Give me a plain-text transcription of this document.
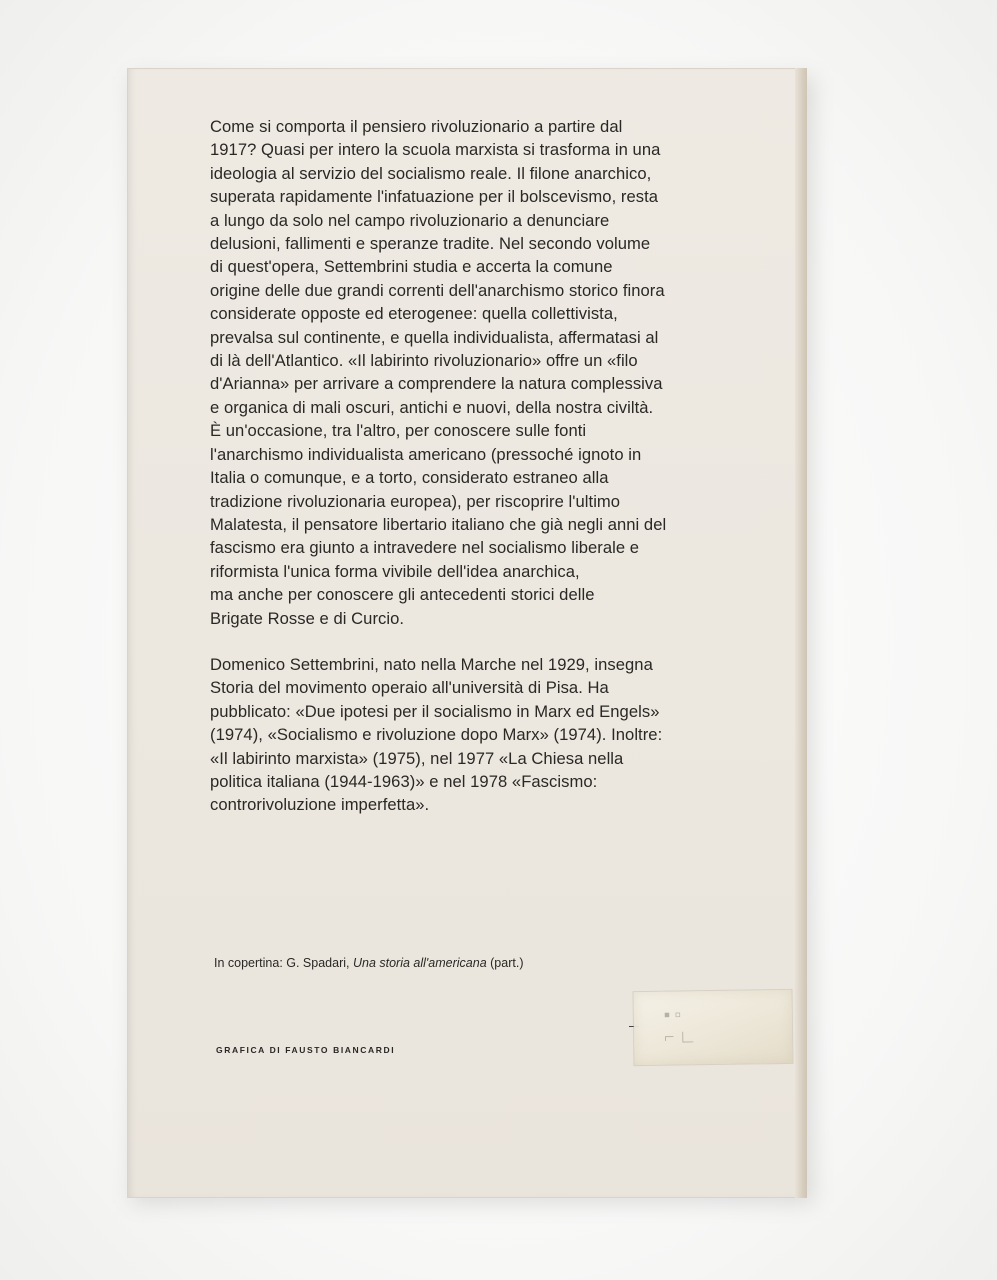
Come si comporta il pensiero rivoluzionario a partire dal
1917? Quasi per intero la scuola marxista si trasforma in una
ideologia al servizio del socialismo reale. Il filone anarchico,
superata rapidamente l'infatuazione per il bolscevismo, resta
a lungo da solo nel campo rivoluzionario a denunciare
delusioni, fallimenti e speranze tradite. Nel secondo volume
di quest'opera, Settembrini studia e accerta la comune
origine delle due grandi correnti dell'anarchismo storico finora
considerate opposte ed eterogenee: quella collettivista,
prevalsa sul continente, e quella individualista, affermatasi al
di là dell'Atlantico. «Il labirinto rivoluzionario» offre un «filo
d'Arianna» per arrivare a comprendere la natura complessiva
e organica di mali oscuri, antichi e nuovi, della nostra civiltà.
È un'occasione, tra l'altro, per conoscere sulle fonti
l'anarchismo individualista americano (pressoché ignoto in
Italia o comunque, e a torto, considerato estraneo alla
tradizione rivoluzionaria europea), per riscoprire l'ultimo
Malatesta, il pensatore libertario italiano che già negli anni del
fascismo era giunto a intravedere nel socialismo liberale e
riformista l'unica forma vivibile dell'idea anarchica,
ma anche per conoscere gli antecedenti storici delle
Brigate Rosse e di Curcio.

Domenico Settembrini, nato nella Marche nel 1929, insegna
Storia del movimento operaio all'università di Pisa. Ha
pubblicato: «Due ipotesi per il socialismo in Marx ed Engels»
(1974), «Socialismo e rivoluzione dopo Marx» (1974). Inoltre:
«Il labirinto marxista» (1975), nel 1977 «La Chiesa nella
politica italiana (1944-1963)» e nel 1978 «Fascismo:
controrivoluzione imperfetta».

In copertina: G. Spadari, Una storia all'americana (part.)
GRAFICA DI FAUSTO BIANCARDI
▪ ▫
⌐ ∟
